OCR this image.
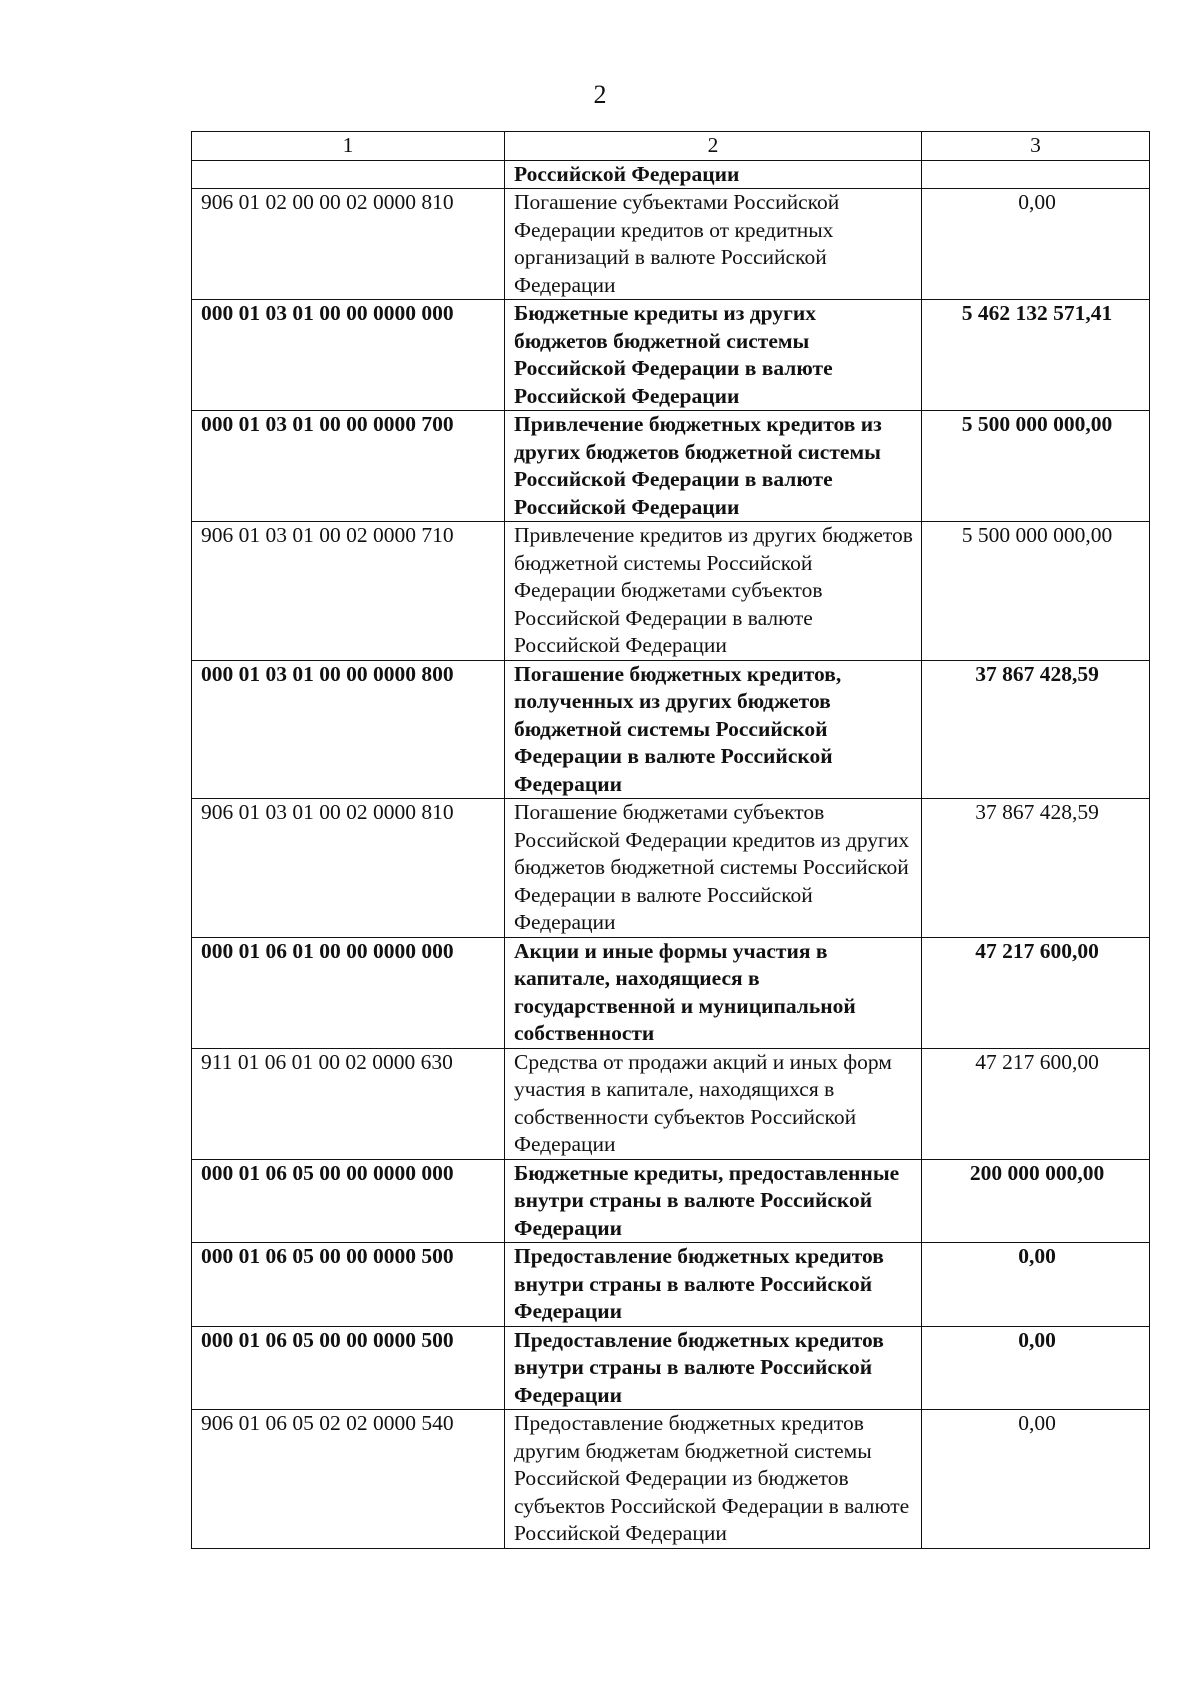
2
1	2	3
	Российской Федерации	
906 01 02 00 00 02 0000 810	Погашение субъектами Российской Федерации кредитов от кредитных организаций в валюте Российской Федерации	0,00
000 01 03 01 00 00 0000 000	Бюджетные кредиты из других бюджетов бюджетной системы Российской Федерации в валюте Российской Федерации	5 462 132 571,41
000 01 03 01 00 00 0000 700	Привлечение бюджетных кредитов из других бюджетов бюджетной системы Российской Федерации в валюте Российской Федерации	5 500 000 000,00
906 01 03 01 00 02 0000 710	Привлечение кредитов из других бюджетов бюджетной системы Российской Федерации бюджетами субъектов Российской Федерации в валюте Российской Федерации	5 500 000 000,00
000 01 03 01 00 00 0000 800	Погашение бюджетных кредитов, полученных из других бюджетов бюджетной системы Российской Федерации в валюте Российской Федерации	37 867 428,59
906 01 03 01 00 02 0000 810	Погашение бюджетами субъектов Российской Федерации кредитов из других бюджетов бюджетной системы Российской Федерации в валюте Российской Федерации	37 867 428,59
000 01 06 01 00 00 0000 000	Акции и иные формы участия в капитале, находящиеся в государственной и муниципальной собственности	47 217 600,00
911 01 06 01 00 02 0000 630	Средства от продажи акций и иных форм участия в капитале, находящихся в собственности субъектов Российской Федерации	47 217 600,00
000 01 06 05 00 00 0000 000	Бюджетные кредиты, предоставленные внутри страны в валюте Российской Федерации	200 000 000,00
000 01 06 05 00 00 0000 500	Предоставление бюджетных кредитов внутри страны в валюте Российской Федерации	0,00
000 01 06 05 00 00 0000 500	Предоставление бюджетных кредитов внутри страны в валюте Российской Федерации	0,00
906 01 06 05 02 02 0000 540	Предоставление бюджетных кредитов другим бюджетам бюджетной системы Российской Федерации из бюджетов субъектов Российской Федерации в валюте Российской Федерации	0,00
